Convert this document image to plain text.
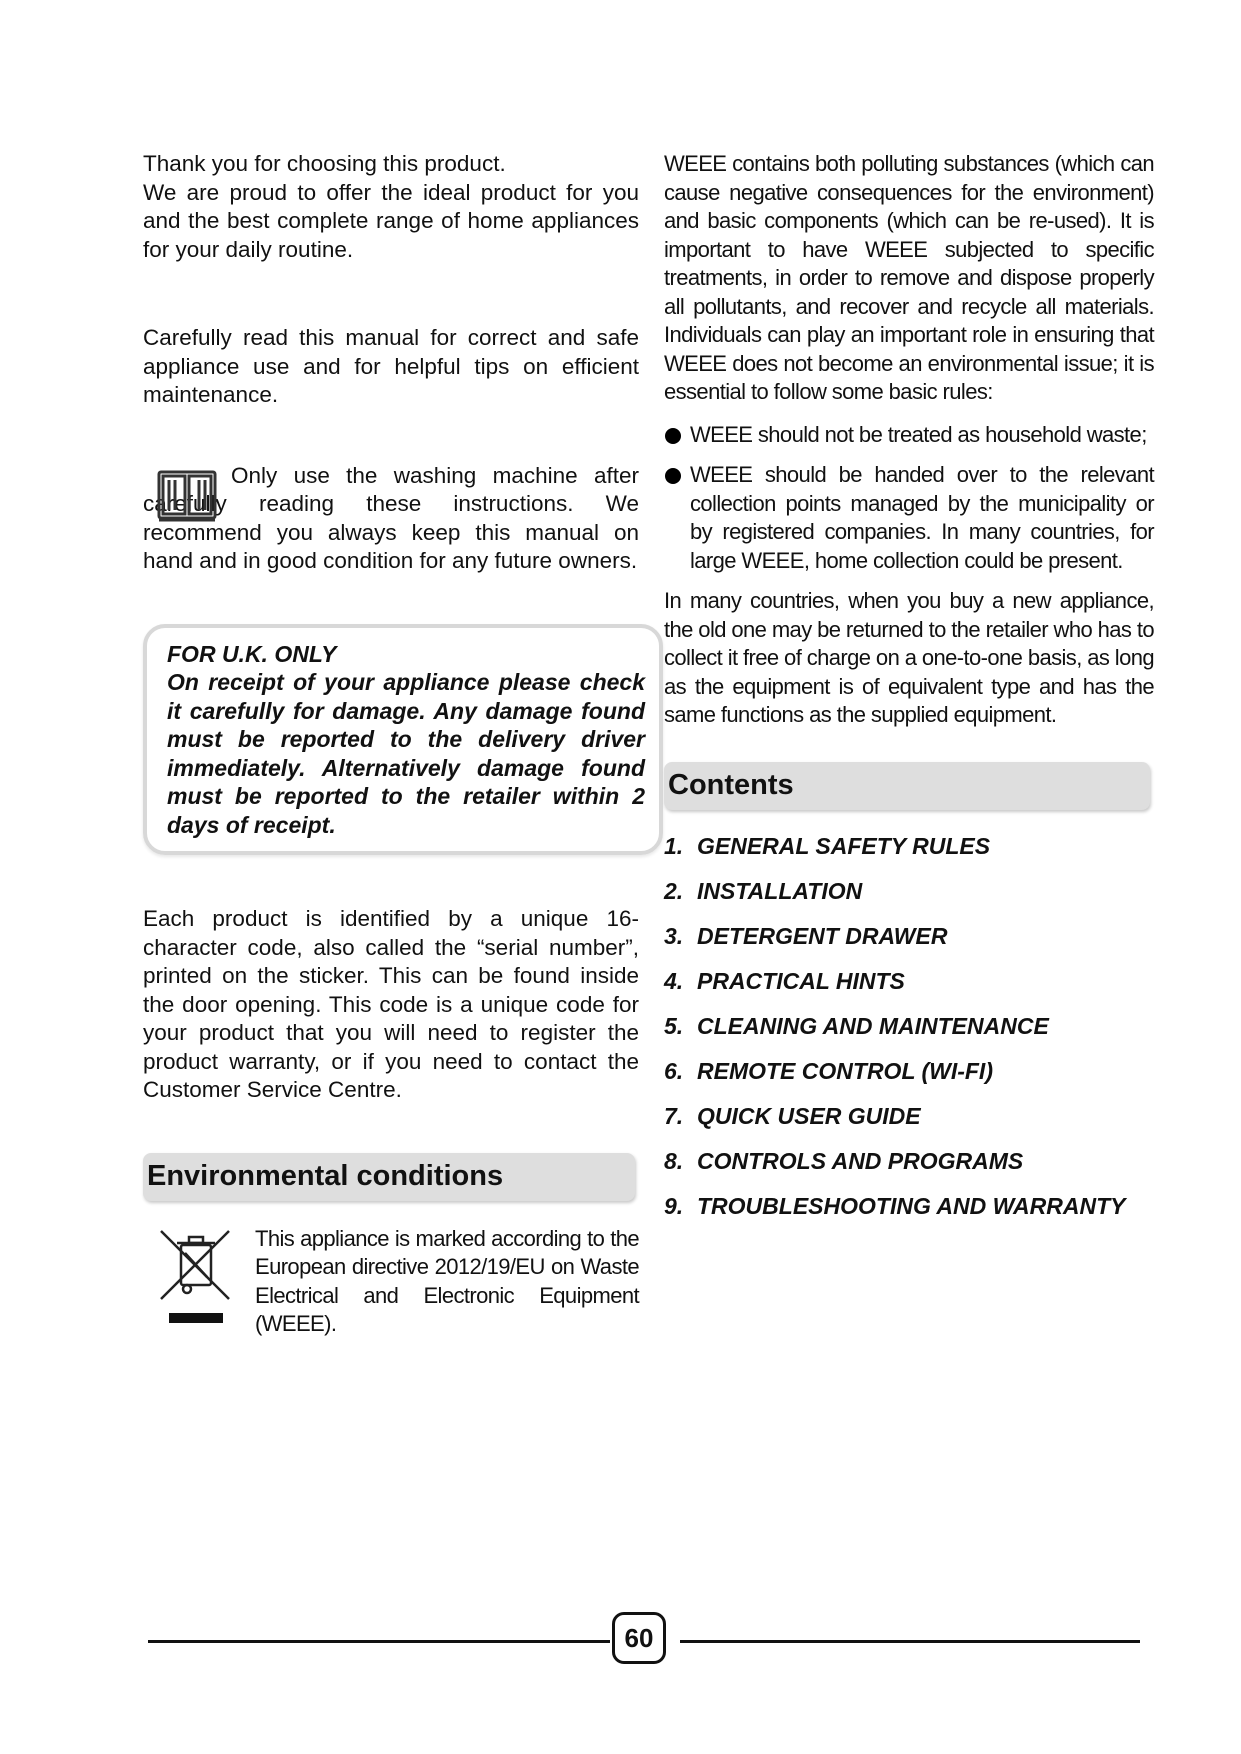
Thank you for choosing this product.

We are proud to offer the ideal product for you and the best complete range of home appliances for your daily routine.

Carefully read this manual for correct and safe appliance use and for helpful tips on efficient maintenance.

Only use the washing machine after carefully reading these instructions. We recommend you always keep this manual on hand and in good condition for any future owners.

FOR U.K. ONLY

On receipt of your appliance please check it carefully for damage. Any damage found must be reported to the delivery driver immediately. Alternatively damage found must be reported to the retailer within 2 days of receipt.

Each product is identified by a unique 16-character code, also called the “serial number”, printed on the sticker. This can be found inside the door opening. This code is a unique code for your product that you will need to register the product warranty, or if you need to contact the Customer Service Centre.

Environmental conditions

This appliance is marked according to the European directive 2012/19/EU on Waste Electrical and Electronic Equipment (WEEE).

WEEE contains both polluting substances (which can cause negative consequences for the environment) and basic components (which can be re-used). It is important to have WEEE subjected to specific treatments, in order to remove and dispose properly all pollutants, and recover and recycle all materials. Individuals can play an important role in ensuring that WEEE does not become an environmental issue; it is essential to follow some basic rules:

WEEE should not be treated as household waste;

WEEE should be handed over to the relevant collection points managed by the municipality or by registered companies. In many countries, for large WEEE, home collection could be present.

In many countries, when you buy a new appliance, the old one may be returned to the retailer who has to collect it free of charge on a one-to-one basis, as long as the equipment is of equivalent type and has the same functions as the supplied equipment.

Contents
1. GENERAL SAFETY RULES
2. INSTALLATION
3. DETERGENT DRAWER
4. PRACTICAL HINTS
5. CLEANING AND MAINTENANCE
6. REMOTE CONTROL (WI-FI)
7. QUICK USER GUIDE
8. CONTROLS AND PROGRAMS
9. TROUBLESHOOTING AND WARRANTY
60
